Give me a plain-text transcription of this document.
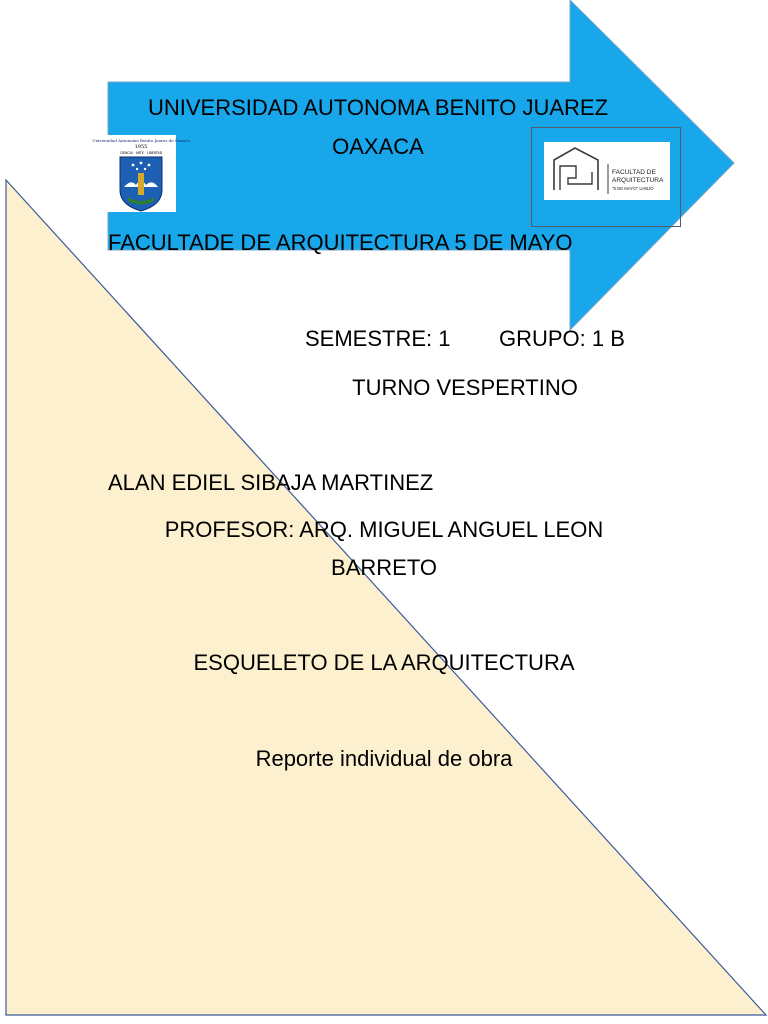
Universidad Autonoma Benito Juarez de Oaxaca
1955
CIENCIA · ARTE · LIBERTAD
FACULTAD DE
ARQUITECTURA
"5 DE MAYO" UABJO
UNIVERSIDAD AUTONOMA BENITO JUAREZ
OAXACA
FACULTADE DE ARQUITECTURA 5 DE MAYO
SEMESTRE: 1 GRUPO: 1 B
TURNO VESPERTINO
ALAN EDIEL SIBAJA MARTINEZ
PROFESOR: ARQ. MIGUEL ANGUEL LEON
BARRETO
ESQUELETO DE LA ARQUITECTURA
Reporte individual de obra
